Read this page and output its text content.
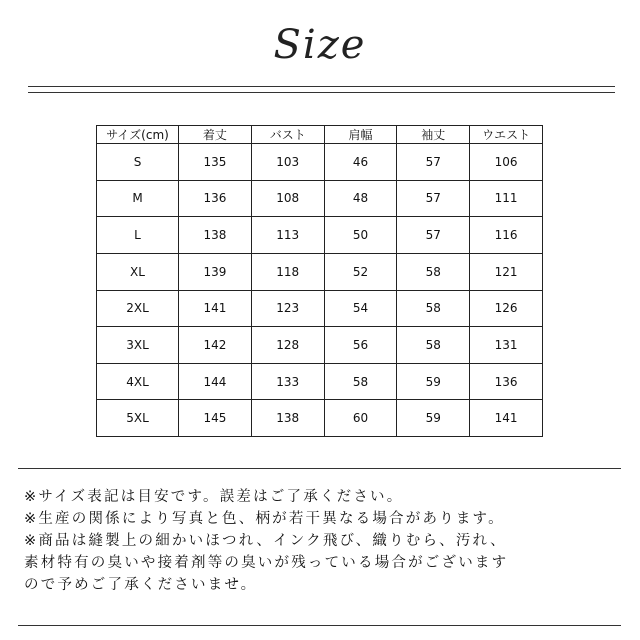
Size
サイズ(cm)	着丈	バスト	肩幅	袖丈	ウエスト
S	135	103	46	57	106
M	136	108	48	57	111
L	138	113	50	57	116
XL	139	118	52	58	121
2XL	141	123	54	58	126
3XL	142	128	56	58	131
4XL	144	133	58	59	136
5XL	145	138	60	59	141
※サイズ表記は目安です。誤差はご了承ください。
※生産の関係により写真と色、柄が若干異なる場合があります。
※商品は縫製上の細かいほつれ、インク飛び、織りむら、汚れ、
素材特有の臭いや接着剤等の臭いが残っている場合がございます
ので予めご了承くださいませ。
